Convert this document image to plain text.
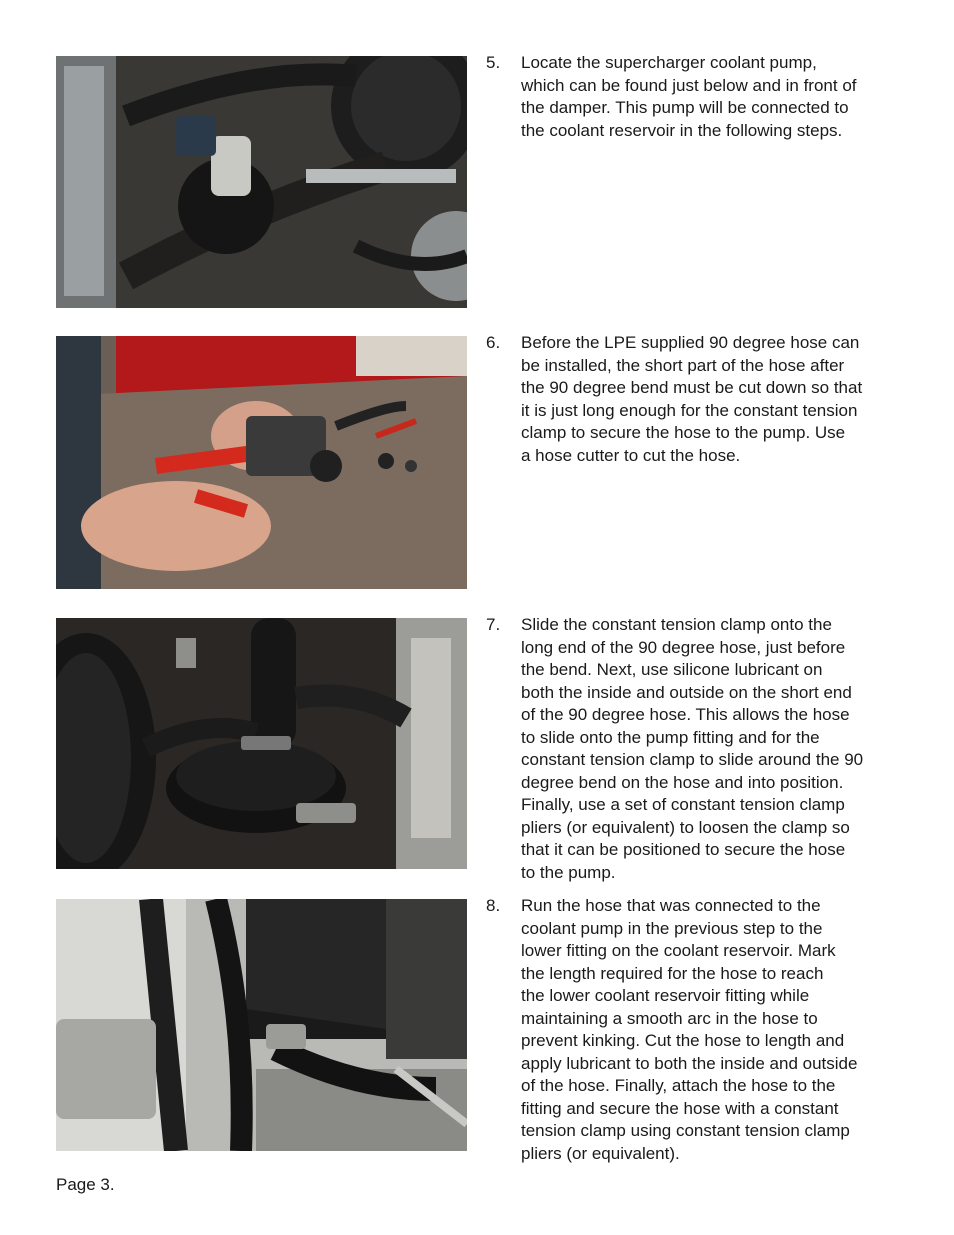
5. Locate the supercharger coolant pump,
which can be found just below and in front of
the damper. This pump will be connected to
the coolant reservoir in the following steps.
6. Before the LPE supplied 90 degree hose can
be installed, the short part of the hose after
the 90 degree bend must be cut down so that
it is just long enough for the constant tension
clamp to secure the hose to the pump. Use
a hose cutter to cut the hose.
7. Slide the constant tension clamp onto the
long end of the 90 degree hose, just before
the bend. Next, use silicone lubricant on
both the inside and outside on the short end
of the 90 degree hose. This allows the hose
to slide onto the pump fitting and for the
constant tension clamp to slide around the 90
degree bend on the hose and into position.
Finally, use a set of constant tension clamp
pliers (or equivalent) to loosen the clamp so
that it can be positioned to secure the hose
to the pump.
8. Run the hose that was connected to the
coolant pump in the previous step to the
lower fitting on the coolant reservoir. Mark
the length required for the hose to reach
the lower coolant reservoir fitting while
maintaining a smooth arc in the hose to
prevent kinking. Cut the hose to length and
apply lubricant to both the inside and outside
of the hose. Finally, attach the hose to the
fitting and secure the hose with a constant
tension clamp using constant tension clamp
pliers (or equivalent).
Page 3.
